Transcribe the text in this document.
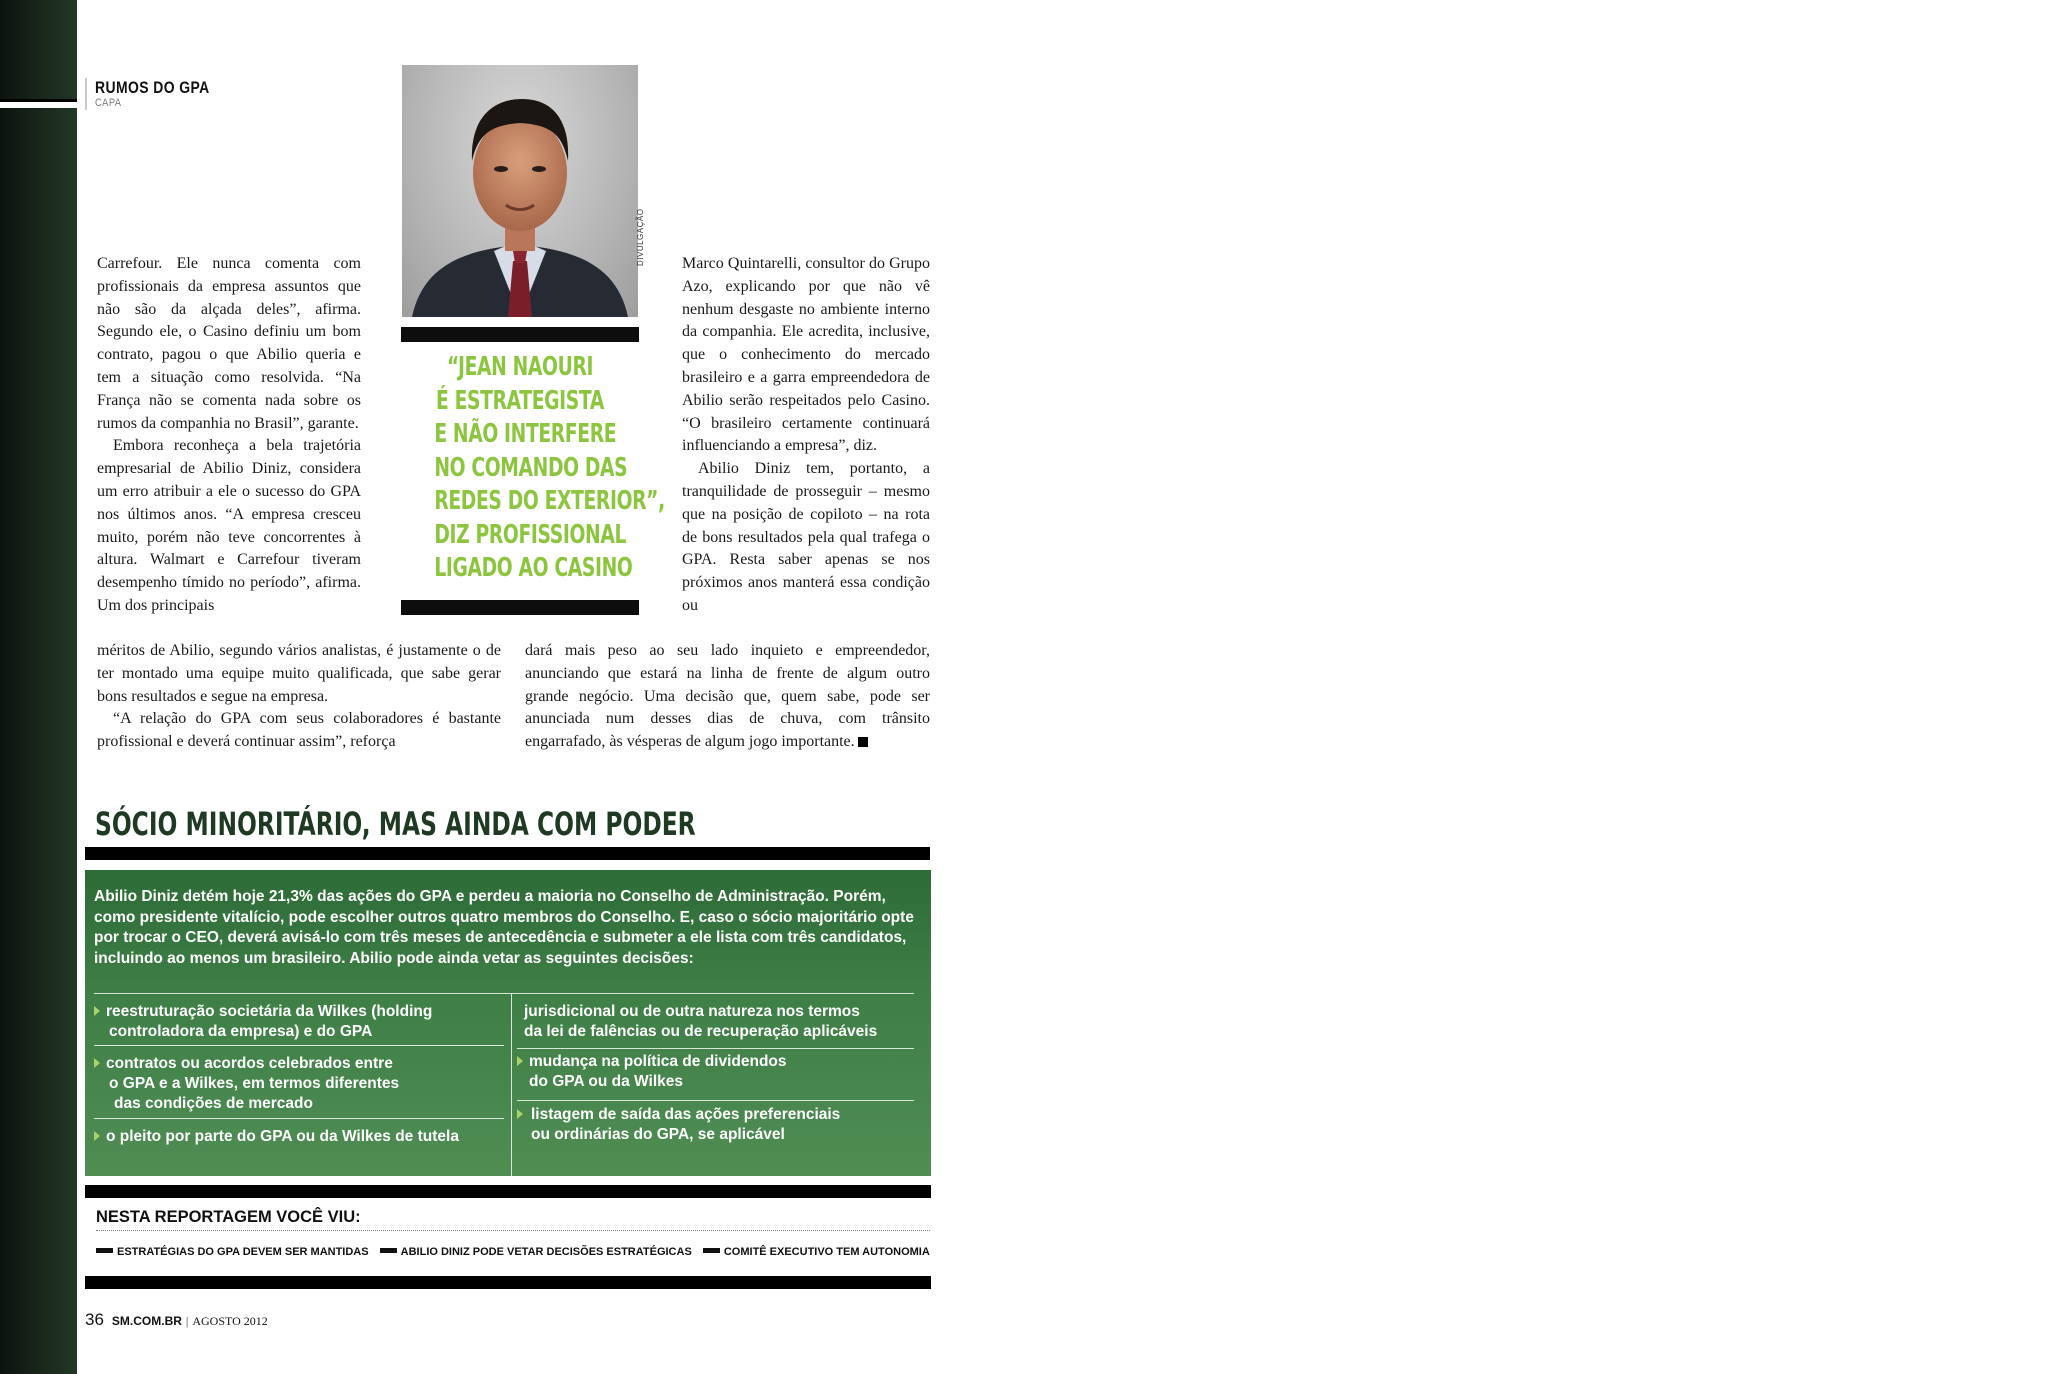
RUMOS DO GPA
CAPA
DIVULGAÇÃO
“JEAN NAOURI
É ESTRATEGISTA
E NÃO INTERFERE
NO COMANDO DAS
REDES DO EXTERIOR”,
DIZ PROFISSIONAL
LIGADO AO CASINO

Carrefour. Ele nunca comenta com profissionais da empresa assuntos que não são da alçada deles”, afirma. Segundo ele, o Casino definiu um bom contrato, pagou o que Abilio queria e tem a situação como resolvida. “Na França não se comenta nada sobre os rumos da companhia no Brasil”, garante.

Embora reconheça a bela trajetória empresarial de Abilio Diniz, considera um erro atribuir a ele o sucesso do GPA nos últimos anos. “A empresa cresceu muito, porém não teve concorrentes à altura. Walmart e Carrefour tiveram desempenho tímido no período”, afirma. Um dos principais

méritos de Abilio, segundo vários analistas, é justamente o de ter montado uma equipe muito qualificada, que sabe gerar bons resultados e segue na empresa.

“A relação do GPA com seus colaboradores é bastante profissional e deverá continuar assim”, reforça

Marco Quintarelli, consultor do Grupo Azo, explicando por que não vê nenhum desgaste no ambiente interno da companhia. Ele acredita, inclusive, que o conhecimento do mercado brasileiro e a garra empreendedora de Abilio serão respeitados pelo Casino. “O brasileiro certamente continuará influenciando a empresa”, diz.

Abilio Diniz tem, portanto, a tranquilidade de prosseguir – mesmo que na posição de copiloto – na rota de bons resultados pela qual trafega o GPA. Resta saber apenas se nos próximos anos manterá essa condição ou

dará mais peso ao seu lado inquieto e empreendedor, anunciando que estará na linha de frente de algum outro grande negócio. Uma decisão que, quem sabe, pode ser anunciada num desses dias de chuva, com trânsito engarrafado, às vésperas de algum jogo importante.

SÓCIO MINORITÁRIO, MAS AINDA COM PODER
Abilio Diniz detém hoje 21,3% das ações do GPA e perdeu a maioria no Conselho de Administração. Porém, como presidente vitalício, pode escolher outros quatro membros do Conselho. E, caso o sócio majoritário opte por trocar o CEO, deverá avisá-lo com três meses de antecedência e submeter a ele lista com três candidatos, incluindo ao menos um brasileiro. Abilio pode ainda vetar as seguintes decisões:
reestruturação societária da Wilkes (holding
controladora da empresa) e do GPA
contratos ou acordos celebrados entre
o GPA e a Wilkes, em termos diferentes
das condições de mercado
o pleito por parte do GPA ou da Wilkes de tutela
jurisdicional ou de outra natureza nos termos
da lei de falências ou de recuperação aplicáveis
mudança na política de dividendos
do GPA ou da Wilkes
listagem de saída das ações preferenciais
ou ordinárias do GPA, se aplicável
NESTA REPORTAGEM VOCÊ VIU:
ESTRATÉGIAS DO GPA DEVEM SER MANTIDAS	ABILIO DINIZ PODE VETAR DECISÕES ESTRATÉGICAS	COMITÊ EXECUTIVO TEM AUTONOMIA
36 SM.COM.BR | AGOSTO 2012
